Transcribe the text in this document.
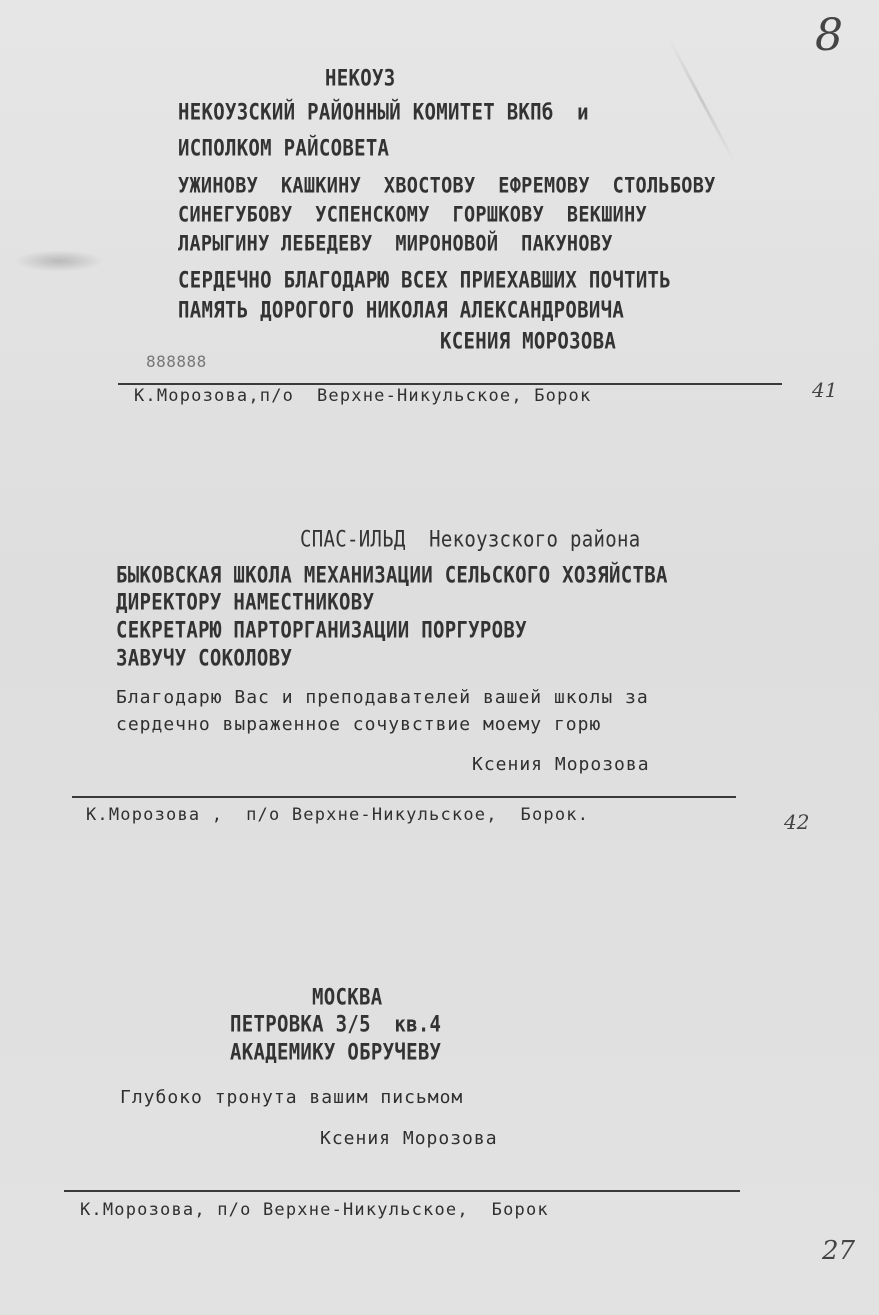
8
НЕКОУЗ
НЕКОУЗСКИЙ РАЙОННЫЙ КОМИТЕТ ВКПб  и
ИСПОЛКОМ РАЙСОВЕТА
УЖИНОВУ  КАШКИНУ  ХВОСТОВУ  ЕФРЕМОВУ  СТОЛЬБОВУ
СИНЕГУБОВУ  УСПЕНСКОМУ  ГОРШКОВУ  ВЕКШИНУ
ЛАРЫГИНУ ЛЕБЕДЕВУ  МИРОНОВОЙ  ПАКУНОВУ
СЕРДЕЧНО БЛАГОДАРЮ ВСЕХ ПРИЕХАВШИХ ПОЧТИТЬ
ПАМЯТЬ ДОРОГОГО НИКОЛАЯ АЛЕКСАНДРОВИЧА
КСЕНИЯ МОРОЗОВА
888888
К.Морозова,п/о  Верхне-Никульское, Борок	41
СПАС-ИЛЬД  Некоузского района
БЫКОВСКАЯ ШКОЛА МЕХАНИЗАЦИИ СЕЛЬСКОГО ХОЗЯЙСТВА
ДИРЕКТОРУ НАМЕСТНИКОВУ
СЕКРЕТАРЮ ПАРТОРГАНИЗАЦИИ ПОРГУРОВУ
ЗАВУЧУ СОКОЛОВУ
Благодарю Вас и преподавателей вашей школы за
сердечно выраженное сочувствие моему горю
Ксения Морозова
К.Морозова ,  п/о Верхне-Никульское,  Борок.	42
МОСКВА
ПЕТРОВКА 3/5  кв.4
АКАДЕМИКУ ОБРУЧЕВУ
Глубоко тронута вашим письмом
Ксения Морозова
К.Морозова, п/о Верхне-Никульское,  Борок
27
